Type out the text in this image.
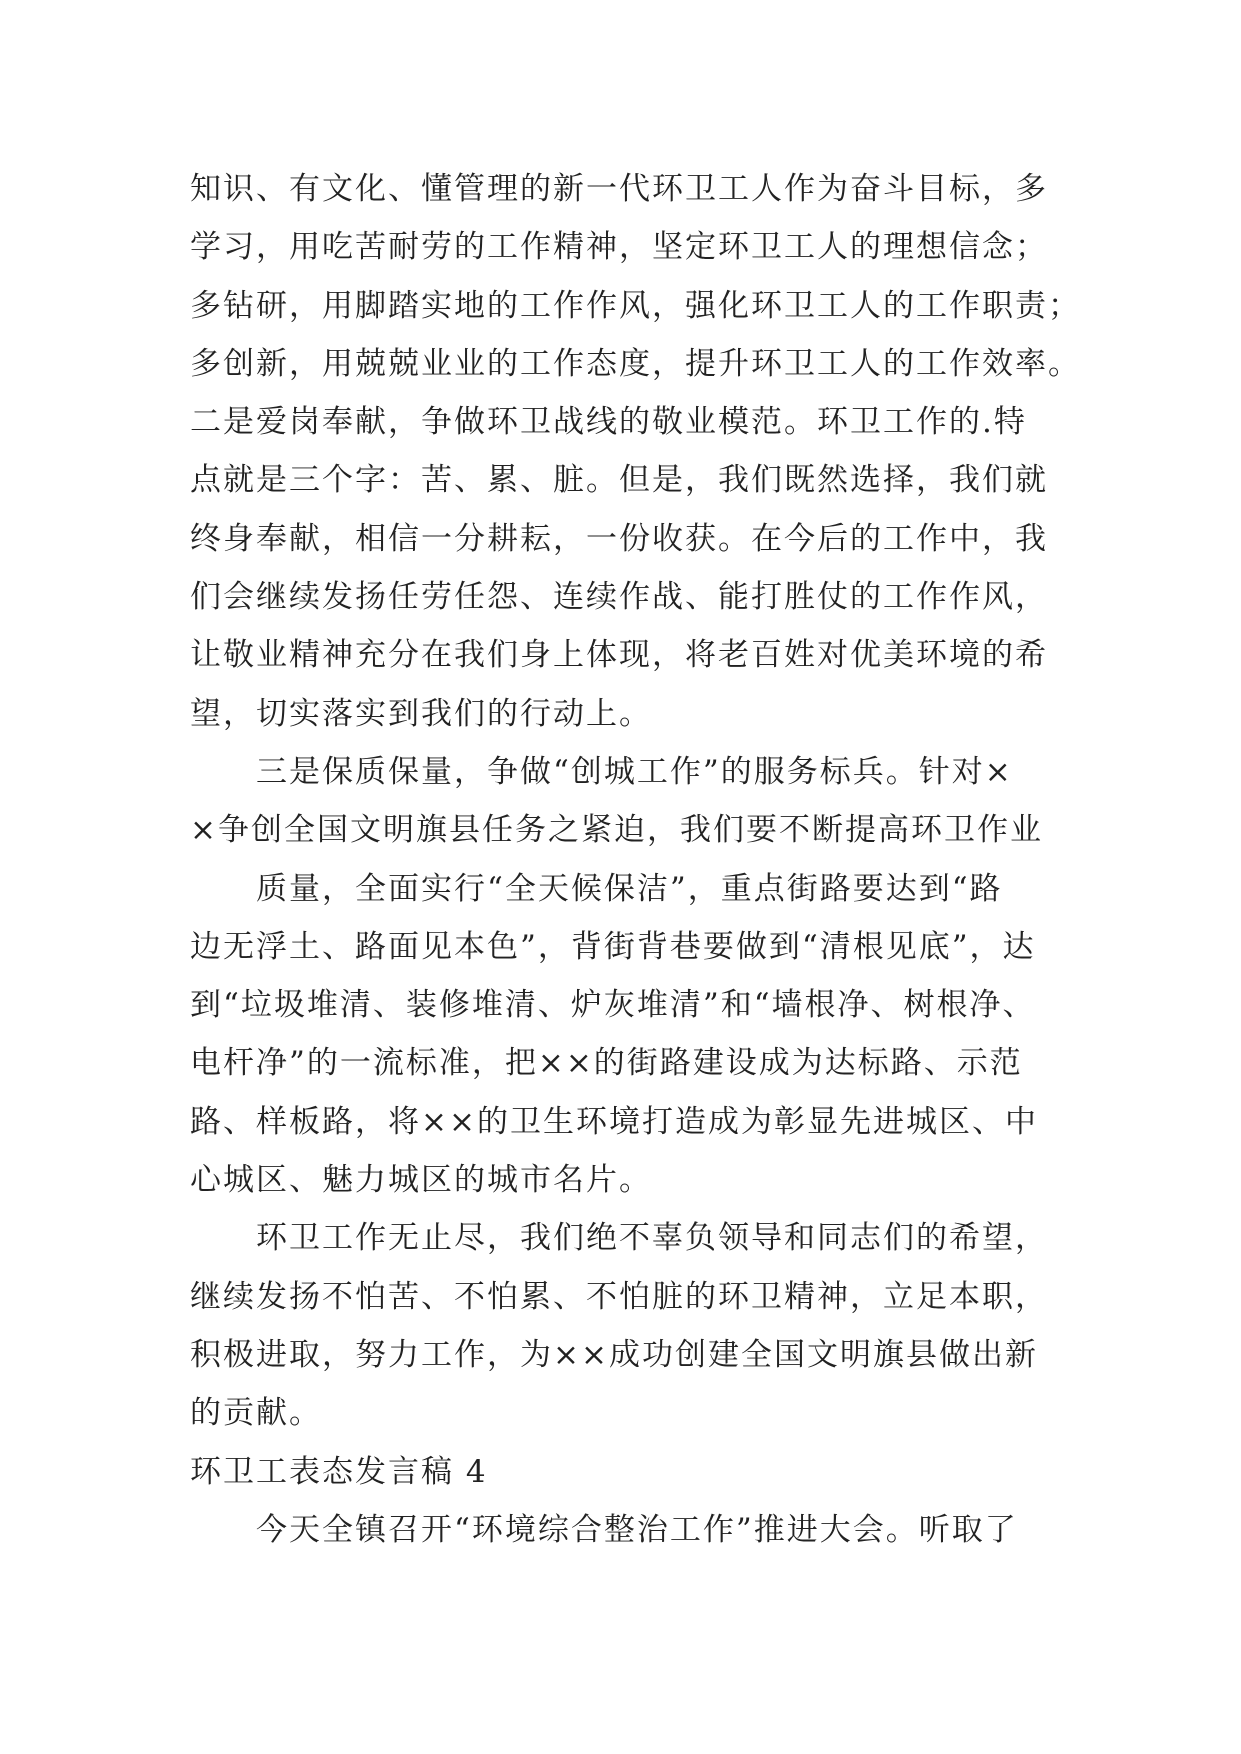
知识、有文化、懂管理的新一代环卫工人作为奋斗目标，多
学习，用吃苦耐劳的工作精神，坚定环卫工人的理想信念；
多钻研，用脚踏实地的工作作风，强化环卫工人的工作职责；
多创新，用兢兢业业的工作态度，提升环卫工人的工作效率。
二是爱岗奉献，争做环卫战线的敬业模范。环卫工作的.特
点就是三个字：苦、累、脏。但是，我们既然选择，我们就
终身奉献，相信一分耕耘，一份收获。在今后的工作中，我
们会继续发扬任劳任怨、连续作战、能打胜仗的工作作风，
让敬业精神充分在我们身上体现，将老百姓对优美环境的希
望，切实落实到我们的行动上。
三是保质保量，争做“创城工作”的服务标兵。针对×
×争创全国文明旗县任务之紧迫，我们要不断提高环卫作业
质量，全面实行“全天候保洁”，重点街路要达到“路
边无浮土、路面见本色”，背街背巷要做到“清根见底”，达
到“垃圾堆清、装修堆清、炉灰堆清”和“墙根净、树根净、
电杆净”的一流标准，把××的街路建设成为达标路、示范
路、样板路，将××的卫生环境打造成为彰显先进城区、中
心城区、魅力城区的城市名片。
环卫工作无止尽，我们绝不辜负领导和同志们的希望，
继续发扬不怕苦、不怕累、不怕脏的环卫精神，立足本职，
积极进取，努力工作，为××成功创建全国文明旗县做出新
的贡献。
环卫工表态发言稿 4
今天全镇召开“环境综合整治工作”推进大会。听取了
